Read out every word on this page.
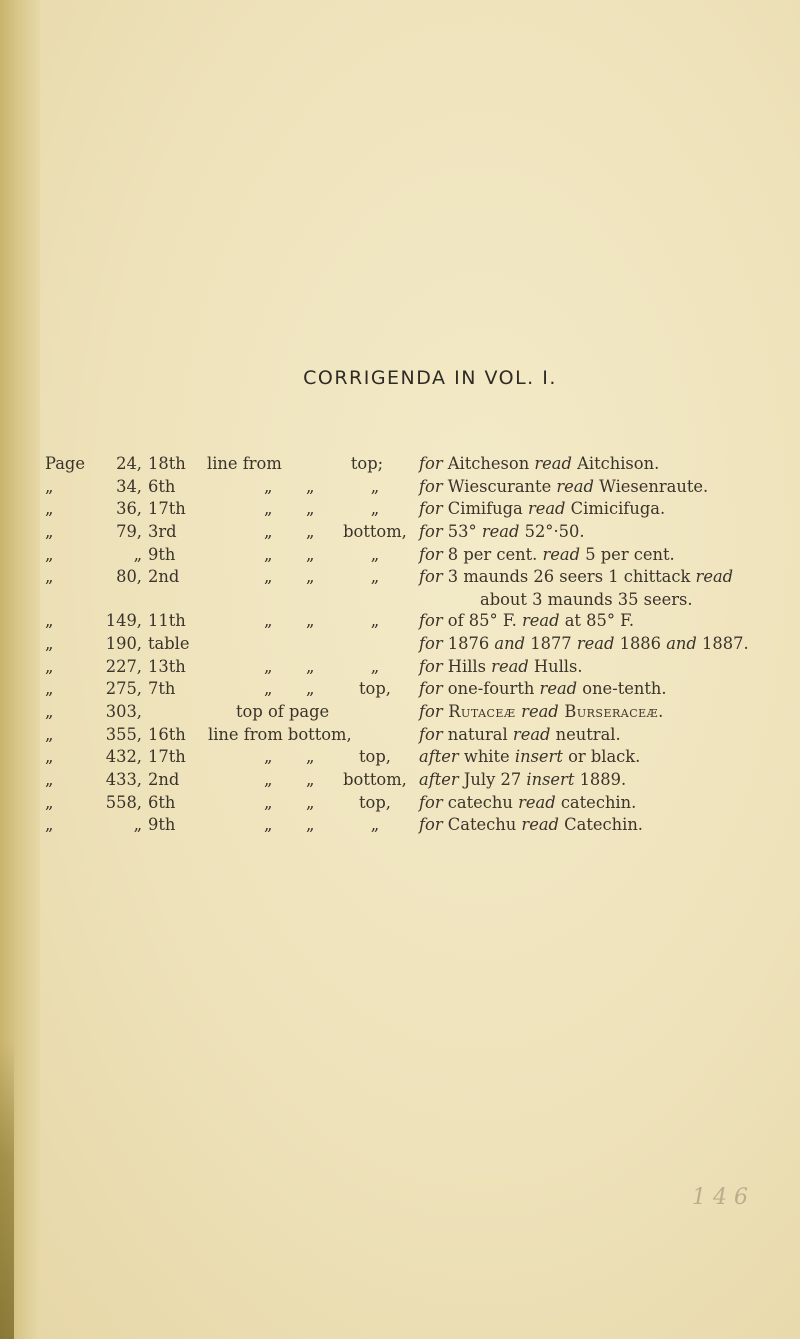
CORRIGENDA IN VOL. I.
Page	24, 18th line from	top;	for Aitcheson read Aitchison.
„	34, 6th	„ „	„	for Wiescurante read Wiesenraute.
„	36, 17th	„ „	„	for Cimifuga read Cimicifuga.
„	79, 3rd	„ „ bottom, for 53° read 52°·50.
„	„ 9th	„ „	„	for 8 per cent. read 5 per cent.
„	80, 2nd	„ „	„	for 3 maunds 26 seers 1 chittack read
about 3 maunds 35 seers.
„	149, 11th	„ „	„	for of 85° F. read at 85° F.
„	190, table	for 1876 and 1877 read 1886 and 1887.
„	227, 13th	„ „	„	for Hills read Hulls.
„	275, 7th	„ „	top,	for one-fourth read one-tenth.
„	303,	top of page	for Rutaceæ read Burseraceæ.
„	355, 16th line from bottom,	for natural read neutral.
„	432, 17th	„ „	top,	after white insert or black.
„	433, 2nd	„ „ bottom, after July 27 insert 1889.
„	558, 6th	„ „	top,	for catechu read catechin.
„	„ 9th	„ „	„	for Catechu read Catechin.
1 4 6
